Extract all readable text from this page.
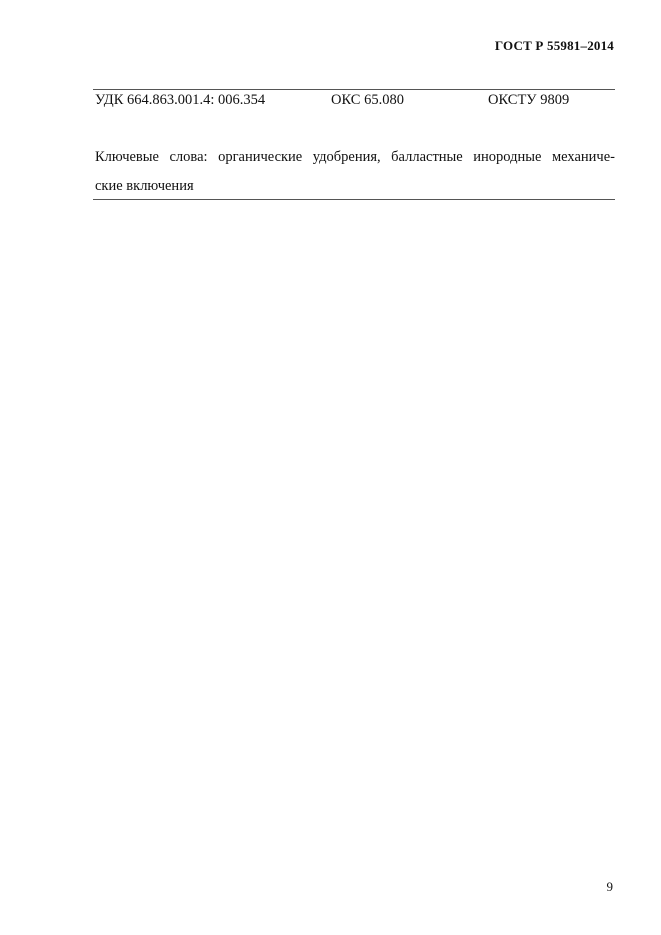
ГОСТ Р 55981–2014
УДК 664.863.001.4: 006.354	ОКС 65.080	ОКСТУ 9809
Ключевые слова: органические удобрения, балластные инородные механиче-
ские включения
9
